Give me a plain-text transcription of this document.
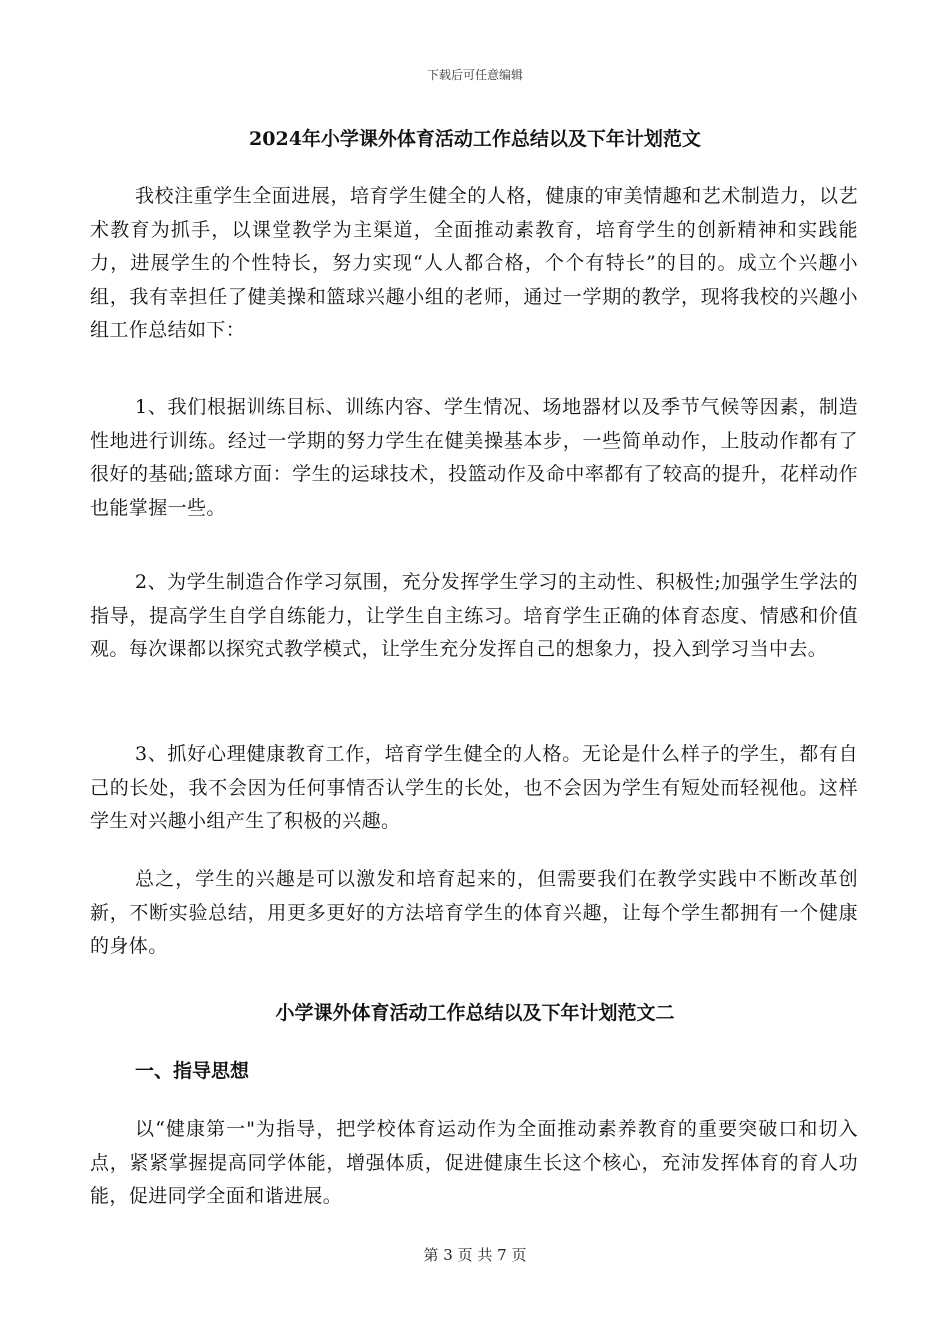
下载后可任意编辑
2024年小学课外体育活动工作总结以及下年计划范文

我校注重学生全面进展，培育学生健全的人格，健康的审美情趣和艺术制造力，以艺术教育为抓手，以课堂教学为主渠道，全面推动素教育，培育学生的创新精神和实践能力，进展学生的个性特长，努力实现“人人都合格，个个有特长”的目的。成立个兴趣小组，我有幸担任了健美操和篮球兴趣小组的老师，通过一学期的教学，现将我校的兴趣小组工作总结如下：

1、我们根据训练目标、训练内容、学生情况、场地器材以及季节气候等因素，制造性地进行训练。经过一学期的努力学生在健美操基本步，一些简单动作，上肢动作都有了很好的基础;篮球方面：学生的运球技术，投篮动作及命中率都有了较高的提升，花样动作也能掌握一些。

2、为学生制造合作学习氛围，充分发挥学生学习的主动性、积极性;加强学生学法的指导，提高学生自学自练能力，让学生自主练习。培育学生正确的体育态度、情感和价值观。每次课都以探究式教学模式，让学生充分发挥自己的想象力，投入到学习当中去。

3、抓好心理健康教育工作，培育学生健全的人格。无论是什么样子的学生，都有自己的长处，我不会因为任何事情否认学生的长处，也不会因为学生有短处而轻视他。这样学生对兴趣小组产生了积极的兴趣。

总之，学生的兴趣是可以激发和培育起来的，但需要我们在教学实践中不断改革创新，不断实验总结，用更多更好的方法培育学生的体育兴趣，让每个学生都拥有一个健康的身体。

小学课外体育活动工作总结以及下年计划范文二
一、指导思想

以“健康第一"为指导，把学校体育运动作为全面推动素养教育的重要突破口和切入点，紧紧掌握提高同学体能，增强体质，促进健康生长这个核心，充沛发挥体育的育人功能，促进同学全面和谐进展。

第 3 页 共 7 页
